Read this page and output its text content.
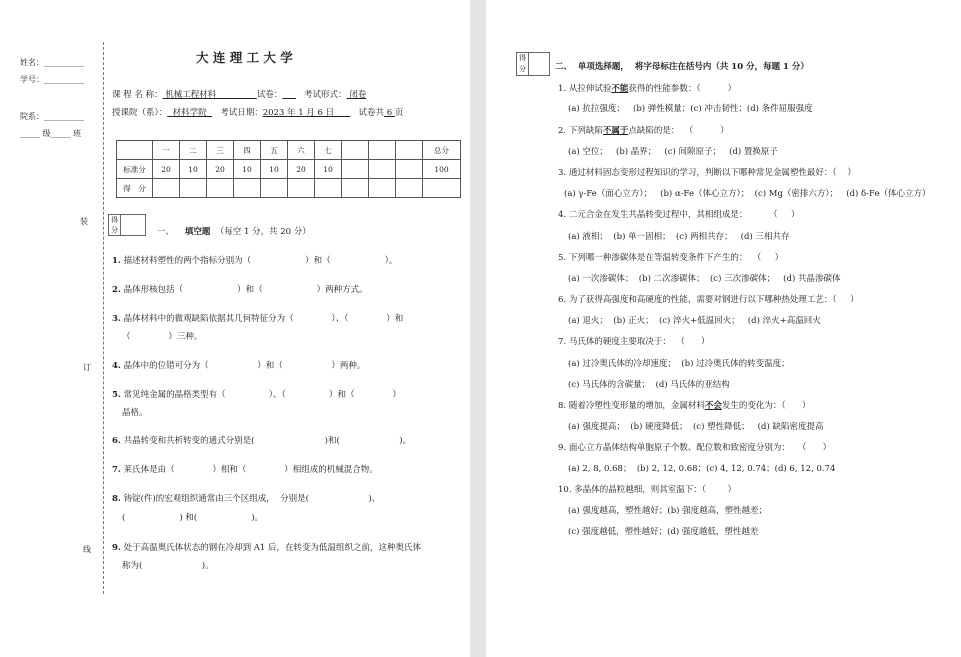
姓名：__________
学号：__________
院系：__________
_____ 级_____ 班
装
订
线
大 连 理 工 大 学
课 程 名 称： 机械工程材料               试卷：	考试形式： 闭卷
授课院（系）：  材料学院     考试日期：2023 年 1 月 6 日         试卷共 6 页
	一	二	三	四	五	六	七				总分
标准分	20	10	20	10	10	20	10				100
得　分											
得
分	一、 填空题 （每空 1 分，共 20 分）
1. 描述材料塑性的两个指标分别为（                    ）和（                    ）。
2. 晶体形核包括（                    ）和（                    ）两种方式。
3. 晶体材料中的微观缺陷依据其几何特征分为（              ）、（              ）和
（              ）三种。
4. 晶体中的位错可分为（                  ）和（                  ）两种。
5. 常见纯金属的晶格类型有（                ）、（                ）和（              ）
晶格。
6. 共晶转变和共析转变的通式分别是(                          )和(                      )。
7. 莱氏体是由（              ）相和（              ）相组成的机械混合物。
8. 铸锭(件)的宏观组织通常由三个区组成，  分别是(                      )、
(                    ) 和(                    )。
9. 处于高温奥氏体状态的钢在冷却到 A1 后，在转变为低温组织之前，这种奥氏体
称为(                      )。
得
分	二、  单项选择题，  将字母标注在括号内（共 10 分，每题 1 分）
1. 从拉伸试验不能获得的性能参数：（          ）
(a) 抗拉强度；   (b) 弹性模量；(c) 冲击韧性；(d) 条件屈服强度
2. 下列缺陷不属于点缺陷的是：  （          ）
(a) 空位；   (b) 晶界；   (c) 间隙原子；   (d) 置换原子
3. 通过材料固态变形过程知识的学习，判断以下哪种常见金属塑性最好：（    ）
(a) γ-Fe（面心立方）；   (b) α-Fe（体心立方）；  (c) Mg（密排六方）；   (d) δ-Fe（体心立方）
4. 二元合金在发生共晶转变过程中，其相组成是：        （     ）
(a) 液相；  (b) 单一固相；  (c) 两相共存；   (d) 三相共存
5. 下列哪一种渗碳体是在等温转变条件下产生的：  （     ）
(a) 一次渗碳体；  (b) 二次渗碳体；  (c) 三次渗碳体；   (d) 共晶渗碳体
6. 为了获得高强度和高硬度的性能，需要对钢进行以下哪种热处理工艺：（     ）
(a) 退火；  (b) 正火；  (c) 淬火+低温回火；   (d) 淬火+高温回火
7. 马氏体的硬度主要取决于：  （      ）
(a) 过冷奥氏体的冷却速度；  (b) 过冷奥氏体的转变温度；
(c) 马氏体的含碳量；  (d) 马氏体的亚结构
8. 随着冷塑性变形量的增加，金属材料不会发生的变化为：（      ）
(a) 强度提高；  (b) 硬度降低；  (c) 塑性降低；   (d) 缺陷密度提高
9. 面心立方晶体结构单胞原子个数、配位数和致密度分别为：   （      ）
(a) 2, 8, 0.68；  (b) 2, 12, 0.68；(c) 4, 12, 0.74；(d) 6, 12, 0.74
10. 多晶体的晶粒越细，则其室温下：（        ）
(a) 强度越高，塑性越好；(b) 强度越高，塑性越差；
(c) 强度越低，塑性越好；(d) 强度越低，塑性越差
